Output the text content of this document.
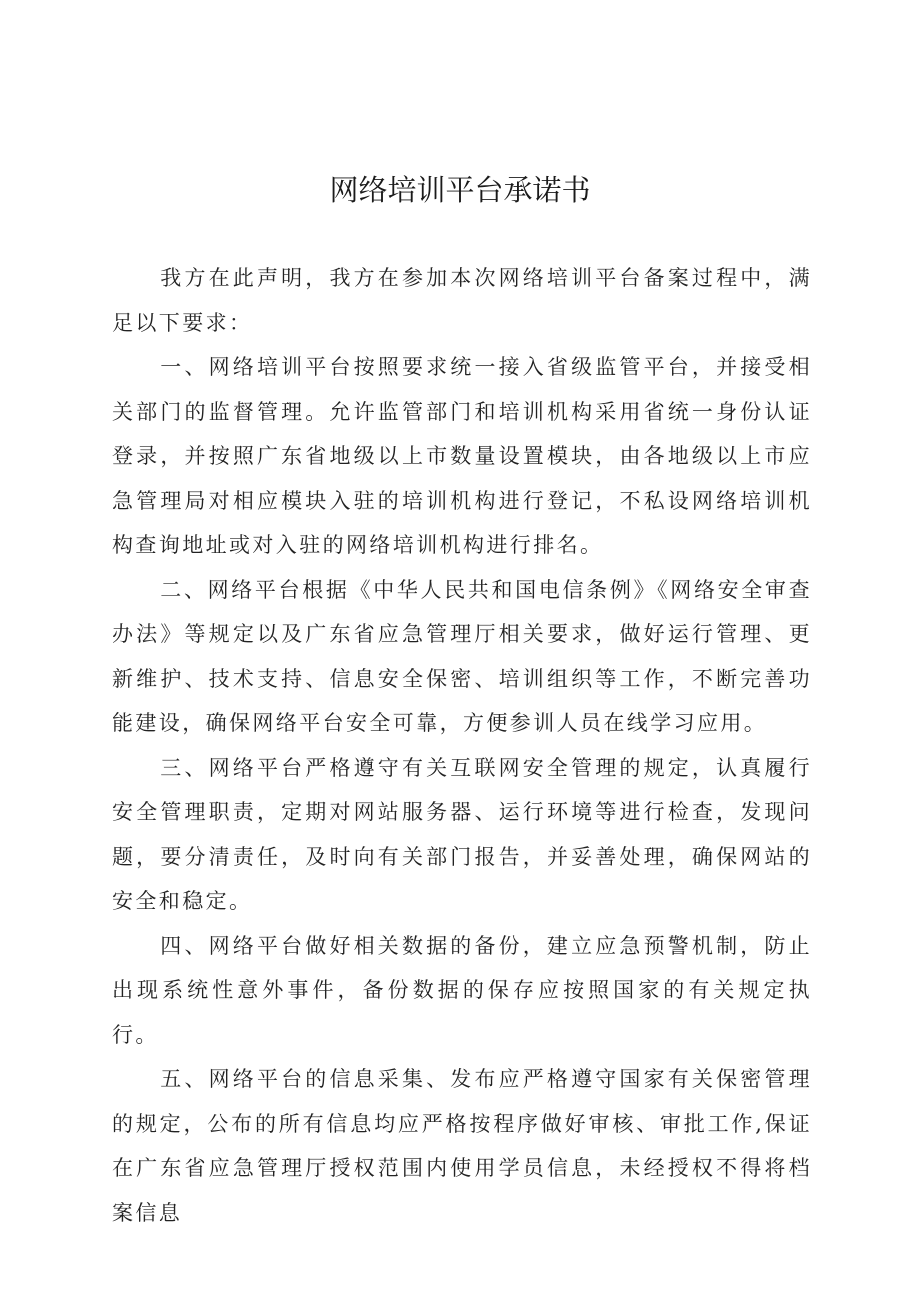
网络培训平台承诺书

我方在此声明，我方在参加本次网络培训平台备案过程中，满足以下要求：

一、网络培训平台按照要求统一接入省级监管平台，并接受相关部门的监督管理。允许监管部门和培训机构采用省统一身份认证登录，并按照广东省地级以上市数量设置模块，由各地级以上市应急管理局对相应模块入驻的培训机构进行登记，不私设网络培训机构查询地址或对入驻的网络培训机构进行排名。

二、网络平台根据《中华人民共和国电信条例》《网络安全审查办法》等规定以及广东省应急管理厅相关要求，做好运行管理、更新维护、技术支持、信息安全保密、培训组织等工作，不断完善功能建设，确保网络平台安全可靠，方便参训人员在线学习应用。

三、网络平台严格遵守有关互联网安全管理的规定，认真履行安全管理职责，定期对网站服务器、运行环境等进行检查，发现问题，要分清责任，及时向有关部门报告，并妥善处理，确保网站的安全和稳定。

四、网络平台做好相关数据的备份，建立应急预警机制，防止出现系统性意外事件，备份数据的保存应按照国家的有关规定执行。

五、网络平台的信息采集、发布应严格遵守国家有关保密管理的规定，公布的所有信息均应严格按程序做好审核、审批工作,保证在广东省应急管理厅授权范围内使用学员信息，未经授权不得将档案信息
